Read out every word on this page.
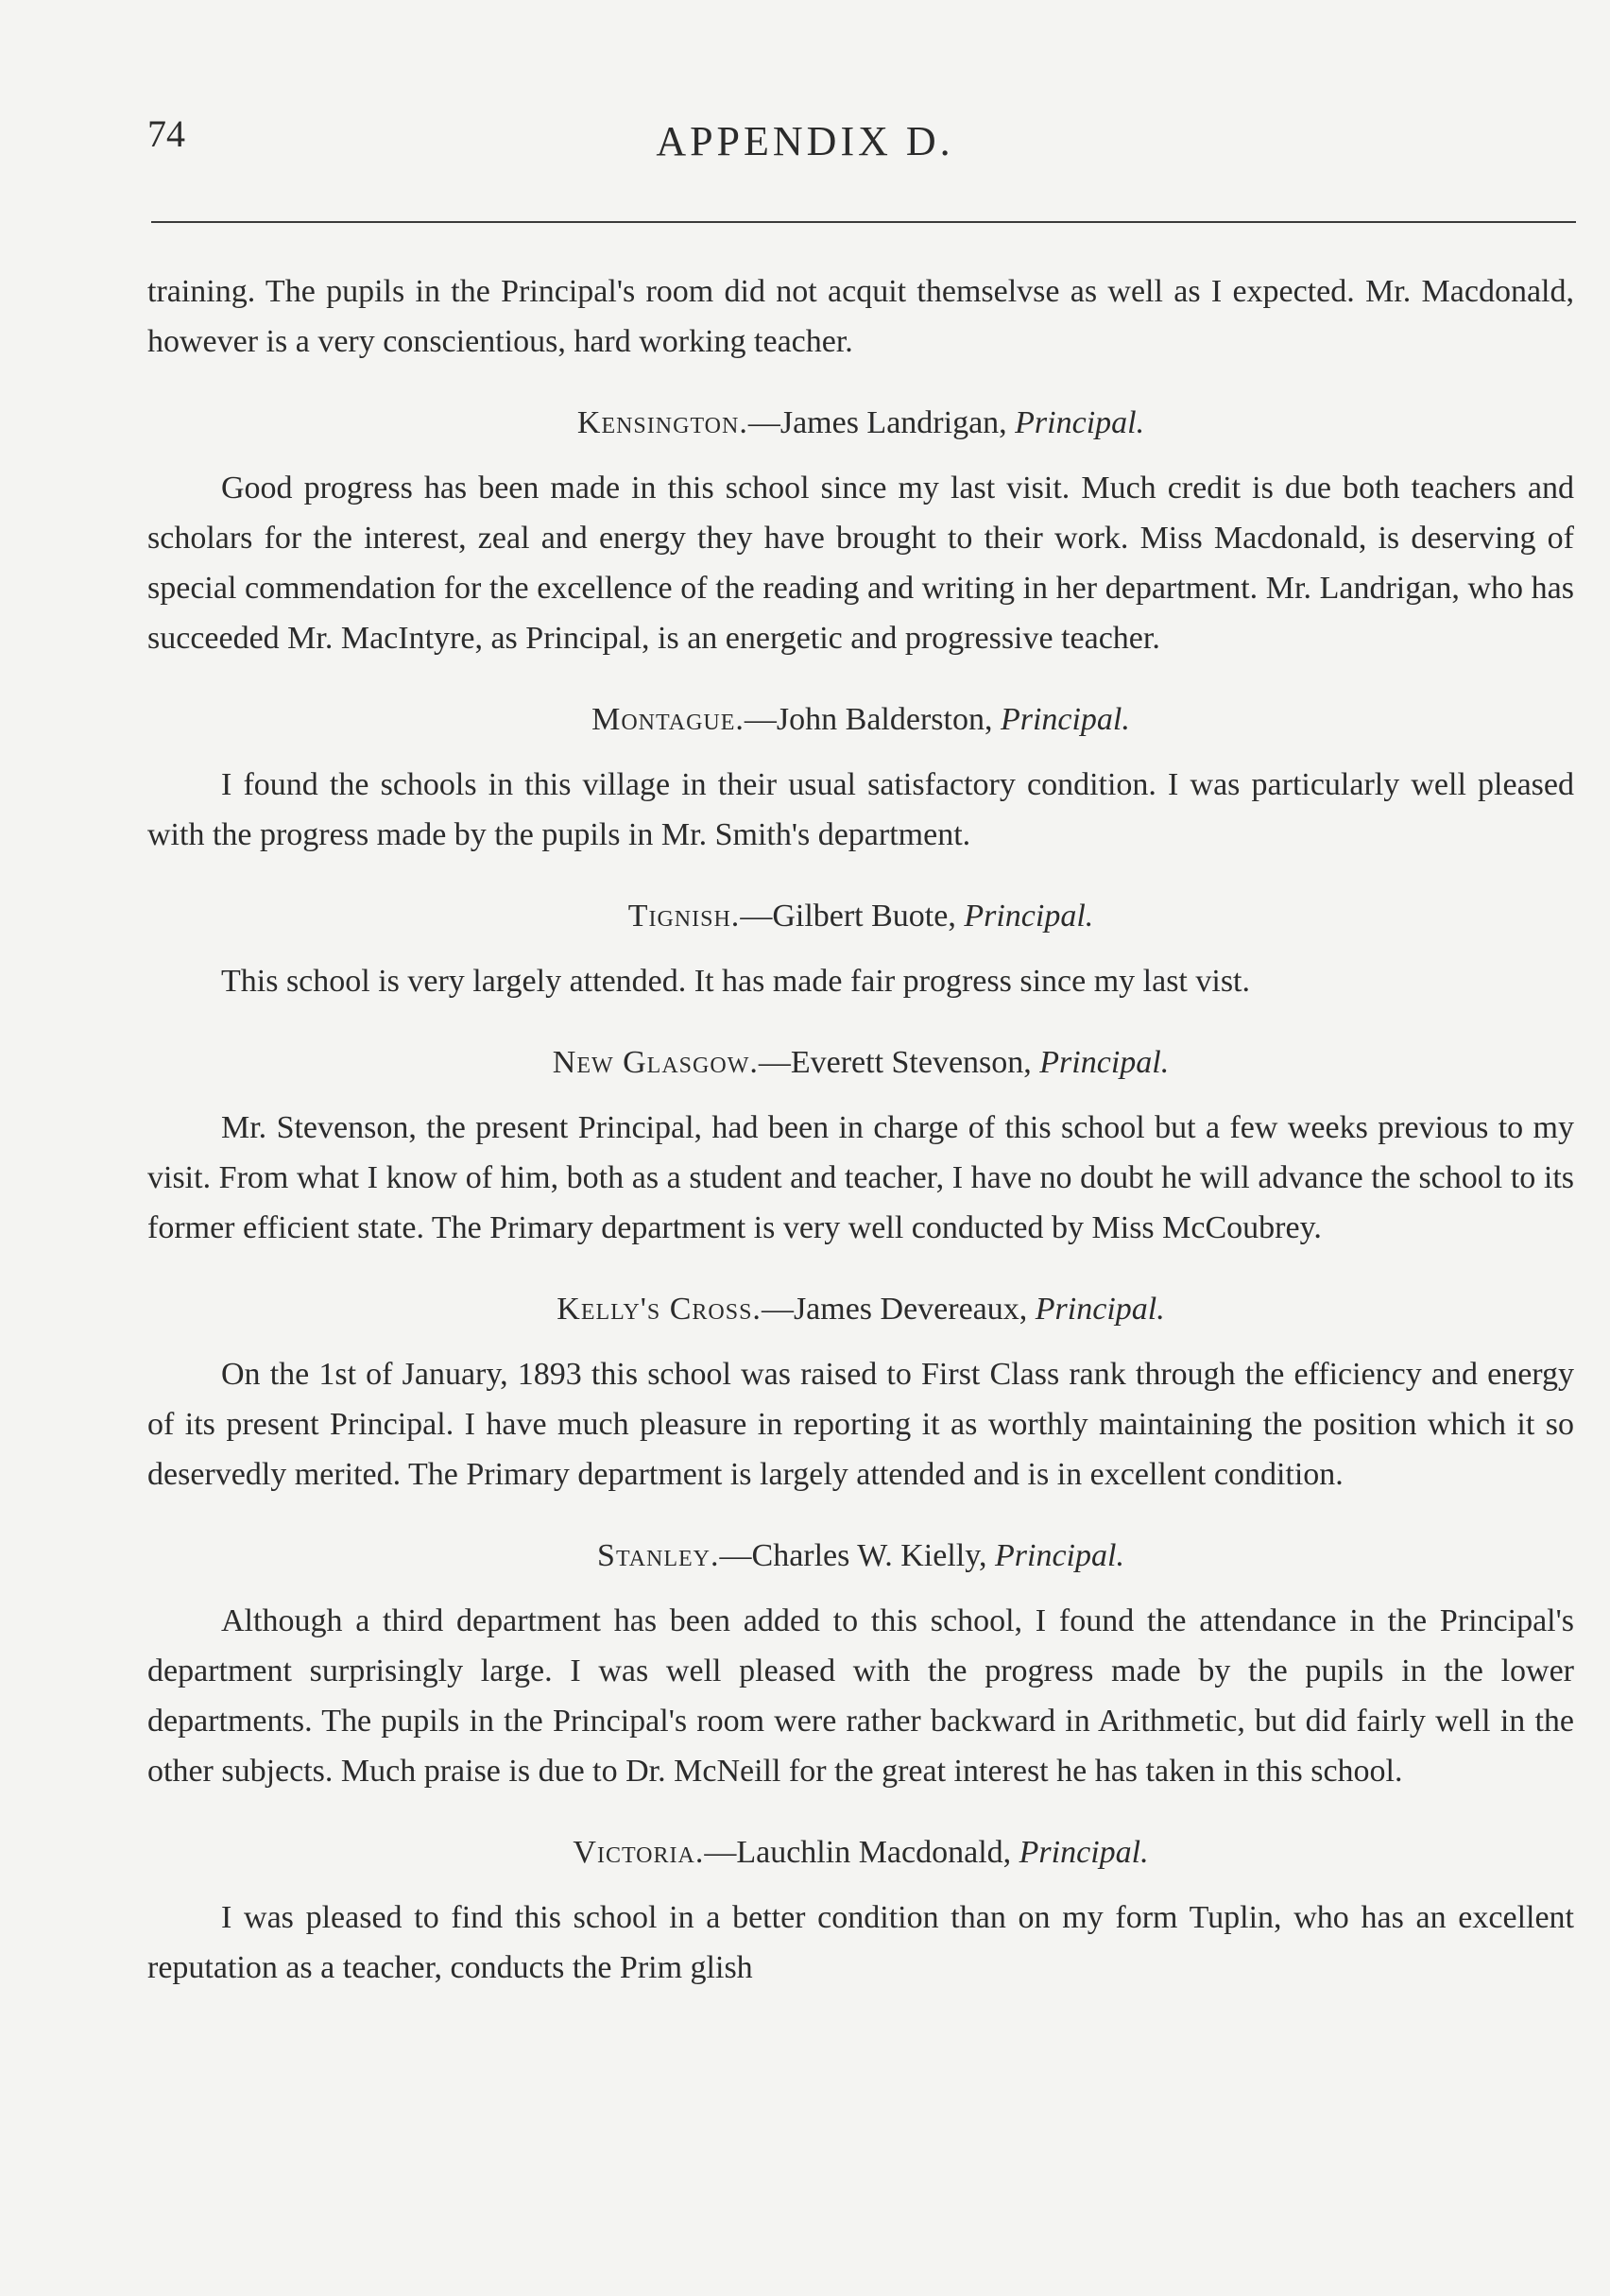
74	APPENDIX D.

training. The pupils in the Principal's room did not acquit themselvse as well as I expected. Mr. Macdonald, however is a very conscientious, hard working teacher.

Kensington.—James Landrigan, Principal.

Good progress has been made in this school since my last visit. Much credit is due both teachers and scholars for the interest, zeal and energy they have brought to their work. Miss Macdonald, is deserving of special commendation for the excellence of the reading and writing in her department. Mr. Landrigan, who has succeeded Mr. MacIntyre, as Principal, is an energetic and progressive teacher.

Montague.—John Balderston, Principal.

I found the schools in this village in their usual satisfactory condition. I was particularly well pleased with the progress made by the pupils in Mr. Smith's department.

Tignish.—Gilbert Buote, Principal.

This school is very largely attended. It has made fair progress since my last vist.

New Glasgow.—Everett Stevenson, Principal.

Mr. Stevenson, the present Principal, had been in charge of this school but a few weeks previous to my visit. From what I know of him, both as a student and teacher, I have no doubt he will advance the school to its former efficient state. The Primary department is very well conducted by Miss McCoubrey.

Kelly's Cross.—James Devereaux, Principal.

On the 1st of January, 1893 this school was raised to First Class rank through the efficiency and energy of its present Principal. I have much pleasure in reporting it as worthly maintaining the position which it so deservedly merited. The Primary department is largely attended and is in excellent condition.

Stanley.—Charles W. Kielly, Principal.

Although a third department has been added to this school, I found the attendance in the Principal's department surprisingly large. I was well pleased with the progress made by the pupils in the lower departments. The pupils in the Principal's room were rather backward in Arithmetic, but did fairly well in the other subjects. Much praise is due to Dr. McNeill for the great interest he has taken in this school.

Victoria.—Lauchlin Macdonald, Principal.

I was pleased to find this school in a better condition than on my form Tuplin, who has an excellent reputation as a teacher, conducts the Prim glish
